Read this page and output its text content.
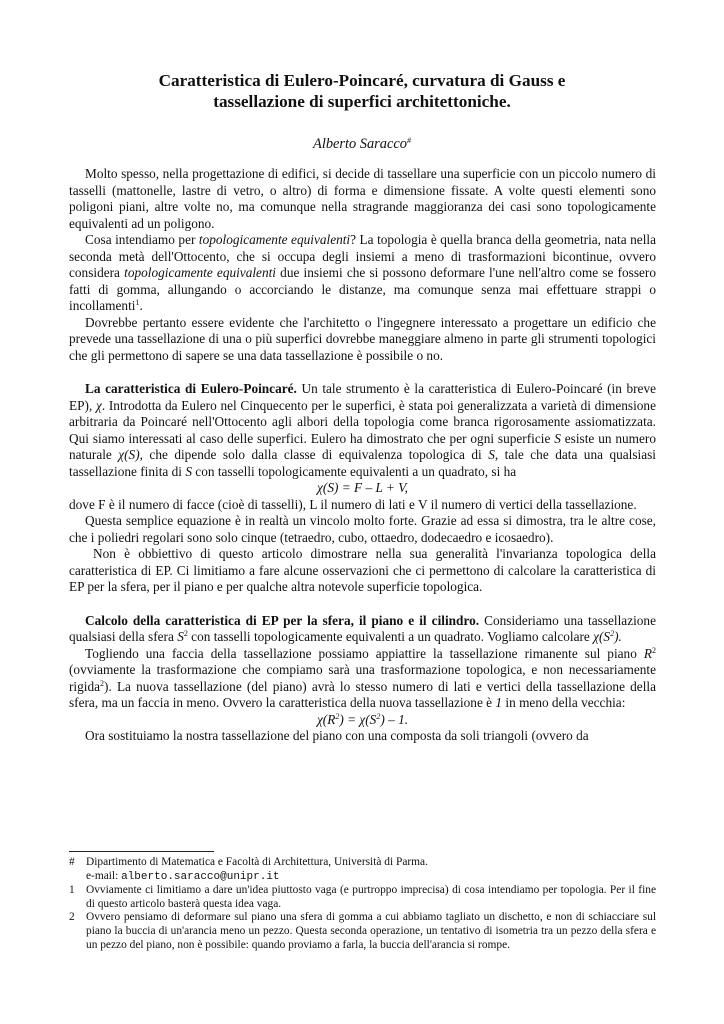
Caratteristica di Eulero-Poincaré, curvatura di Gauss e
tassellazione di superfici architettoniche.
Alberto Saracco#

Molto spesso, nella progettazione di edifici, si decide di tassellare una superficie con un piccolo numero di tasselli (mattonelle, lastre di vetro, o altro) di forma e dimensione fissate. A volte questi elementi sono poligoni piani, altre volte no, ma comunque nella stragrande maggioranza dei casi sono topologicamente equivalenti ad un poligono.

Cosa intendiamo per topologicamente equivalenti? La topologia è quella branca della geometria, nata nella seconda metà dell'Ottocento, che si occupa degli insiemi a meno di trasformazioni bicontinue, ovvero considera topologicamente equivalenti due insiemi che si possono deformare l'une nell'altro come se fossero fatti di gomma, allungando o accorciando le distanze, ma comunque senza mai effettuare strappi o incollamenti$^1$.

Dovrebbe pertanto essere evidente che l'architetto o l'ingegnere interessato a progettare un edificio che prevede una tassellazione di una o più superfici dovrebbe maneggiare almeno in parte gli strumenti topologici che gli permettono di sapere se una data tassellazione è possibile o no.

La caratteristica di Eulero-Poincaré. Un tale strumento è la caratteristica di Eulero-Poincaré (in breve EP), χ. Introdotta da Eulero nel Cinquecento per le superfici, è stata poi generalizzata a varietà di dimensione arbitraria da Poincaré nell'Ottocento agli albori della topologia come branca rigorosamente assiomatizzata. Qui siamo interessati al caso delle superfici. Eulero ha dimostrato che per ogni superficie S esiste un numero naturale χ(S), che dipende solo dalla classe di equivalenza topologica di S, tale che data una qualsiasi tassellazione finita di S con tasselli topologicamente equivalenti a un quadrato, si ha

χ(S) = F – L + V,

dove F è il numero di facce (cioè di tasselli), L il numero di lati e V il numero di vertici della tassellazione.

Questa semplice equazione è in realtà un vincolo molto forte. Grazie ad essa si dimostra, tra le altre cose, che i poliedri regolari sono solo cinque (tetraedro, cubo, ottaedro, dodecaedro e icosaedro).

Non è obbiettivo di questo articolo dimostrare nella sua generalità l'invarianza topologica della caratteristica di EP. Ci limitiamo a fare alcune osservazioni che ci permettono di calcolare la caratteristica di EP per la sfera, per il piano e per qualche altra notevole superficie topologica.

Calcolo della caratteristica di EP per la sfera, il piano e il cilindro. Consideriamo una tassellazione qualsiasi della sfera $S^2$ con tasselli topologicamente equivalenti a un quadrato. Vogliamo calcolare $\chi(S^2)$.

Togliendo una faccia della tassellazione possiamo appiattire la tassellazione rimanente sul piano $R^2$ (ovviamente la trasformazione che compiamo sarà una trasformazione topologica, e non necessariamente rigida$^2$). La nuova tassellazione (del piano) avrà lo stesso numero di lati e vertici della tassellazione della sfera, ma un faccia in meno. Ovvero la caratteristica della nuova tassellazione è 1 in meno della vecchia:

$\chi(R^2) = \chi(S^2) - 1$.

Ora sostituiamo la nostra tassellazione del piano con una composta da soli triangoli (ovvero da

# Dipartimento di Matematica e Facoltà di Architettura, Università di Parma.
e-mail: alberto.saracco@unipr.it
1 Ovviamente ci limitiamo a dare un'idea piuttosto vaga (e purtroppo imprecisa) di cosa intendiamo per topologia. Per il fine di questo articolo basterà questa idea vaga.
2 Ovvero pensiamo di deformare sul piano una sfera di gomma a cui abbiamo tagliato un dischetto, e non di schiacciare sul piano la buccia di un'arancia meno un pezzo. Questa seconda operazione, un tentativo di isometria tra un pezzo della sfera e un pezzo del piano, non è possibile: quando proviamo a farla, la buccia dell'arancia si rompe.
